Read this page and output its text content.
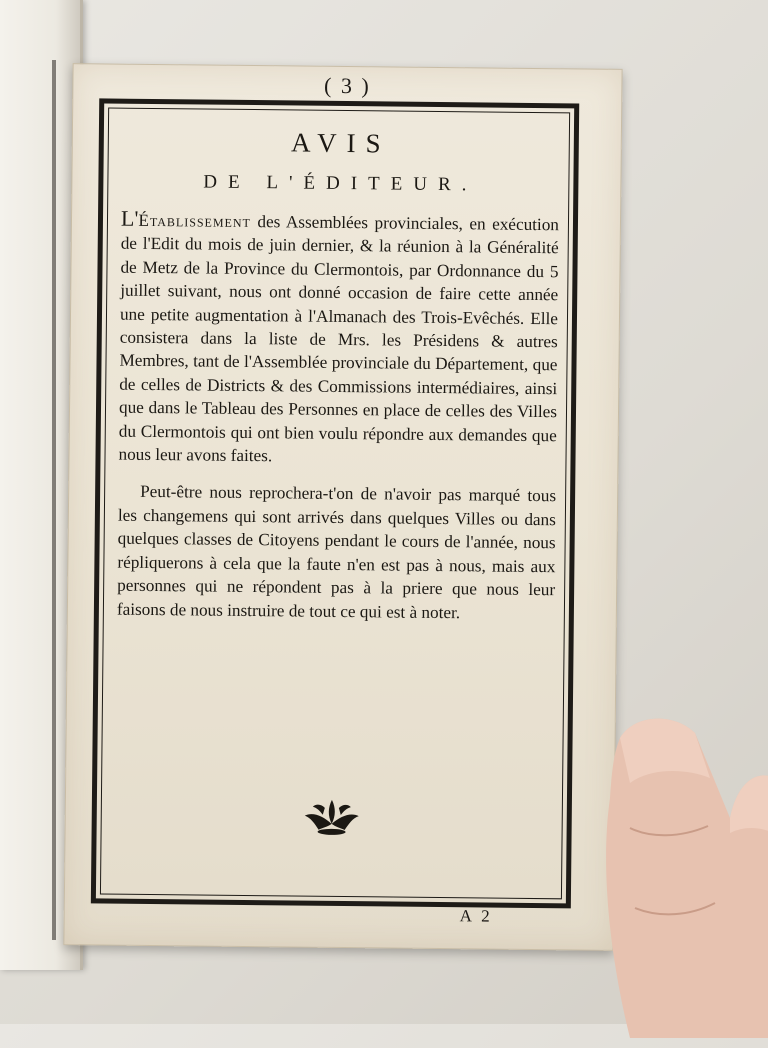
( 3 )
AVIS
DE L'ÉDITEUR.

L'Établissement des Assemblées provinciales, en exécution de l'Edit du mois de juin dernier, & la réunion à la Généralité de Metz de la Province du Clermontois, par Ordonnance du 5 juillet suivant, nous ont donné occasion de faire cette année une petite augmentation à l'Almanach des Trois-Evêchés. Elle consistera dans la liste de Mrs. les Présidens & autres Membres, tant de l'Assemblée provinciale du Département, que de celles de Districts & des Commissions intermédiaires, ainsi que dans le Tableau des Personnes en place de celles des Villes du Clermontois qui ont bien voulu répondre aux demandes que nous leur avons faites.

Peut-être nous reprochera-t'on de n'avoir pas marqué tous les changemens qui sont arrivés dans quelques Villes ou dans quelques classes de Citoyens pendant le cours de l'année, nous répliquerons à cela que la faute n'en est pas à nous, mais aux personnes qui ne répondent pas à la priere que nous leur faisons de nous instruire de tout ce qui est à noter.

A 2
